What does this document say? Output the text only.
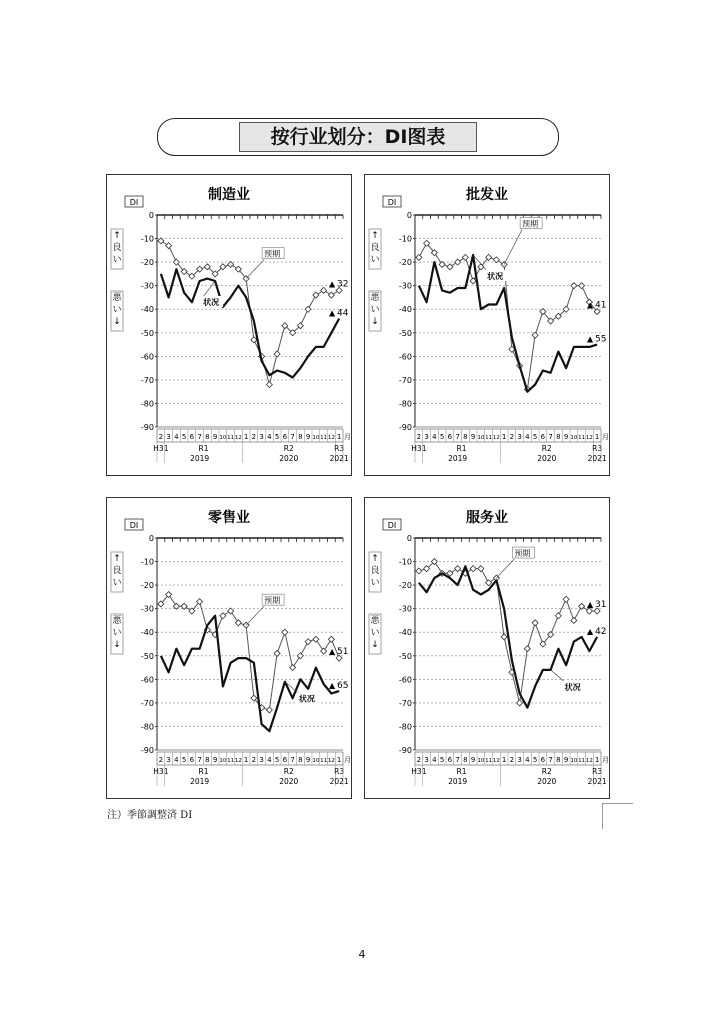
按行业划分：DI图表
制造业
DI
↑
良
い
悪
い
↓
0
-10
-20
-30
-40
-50
-60
-70
-80
-90
2 3 4 5 6 7 8 9 10 11 12 1 2 3 4 5 6 7 8 9 10 11 12 1 月
H31	R1	R2	R3
2019	2020	2021
预期
状况
▲ 32
▲ 44
批发业
DI
↑
良
い
悪
い
↓
0
-10
-20
-30
-40
-50
-60
-70
-80
-90
2 3 4 5 6 7 8 9 10 11 12 1 2 3 4 5 6 7 8 9 10 11 12 1 月
H31	R1	R2	R3
2019	2020	2021
预期
状况
▲ 41
▲ 55
零售业
DI
↑
良
い
悪
い
↓
0
-10
-20
-30
-40
-50
-60
-70
-80
-90
2 3 4 5 6 7 8 9 10 11 12 1 2 3 4 5 6 7 8 9 10 11 12 1 月
H31	R1	R2	R3
2019	2020	2021
预期
状况
▲ 51
▲ 65
服务业
DI
↑
良
い
悪
い
↓
0
-10
-20
-30
-40
-50
-60
-70
-80
-90
2 3 4 5 6 7 8 9 10 11 12 1 2 3 4 5 6 7 8 9 10 11 12 1 月
H31	R1	R2	R3
2019	2020	2021
预期
状况
▲ 31
▲ 42
注）季節調整済 DI
4
